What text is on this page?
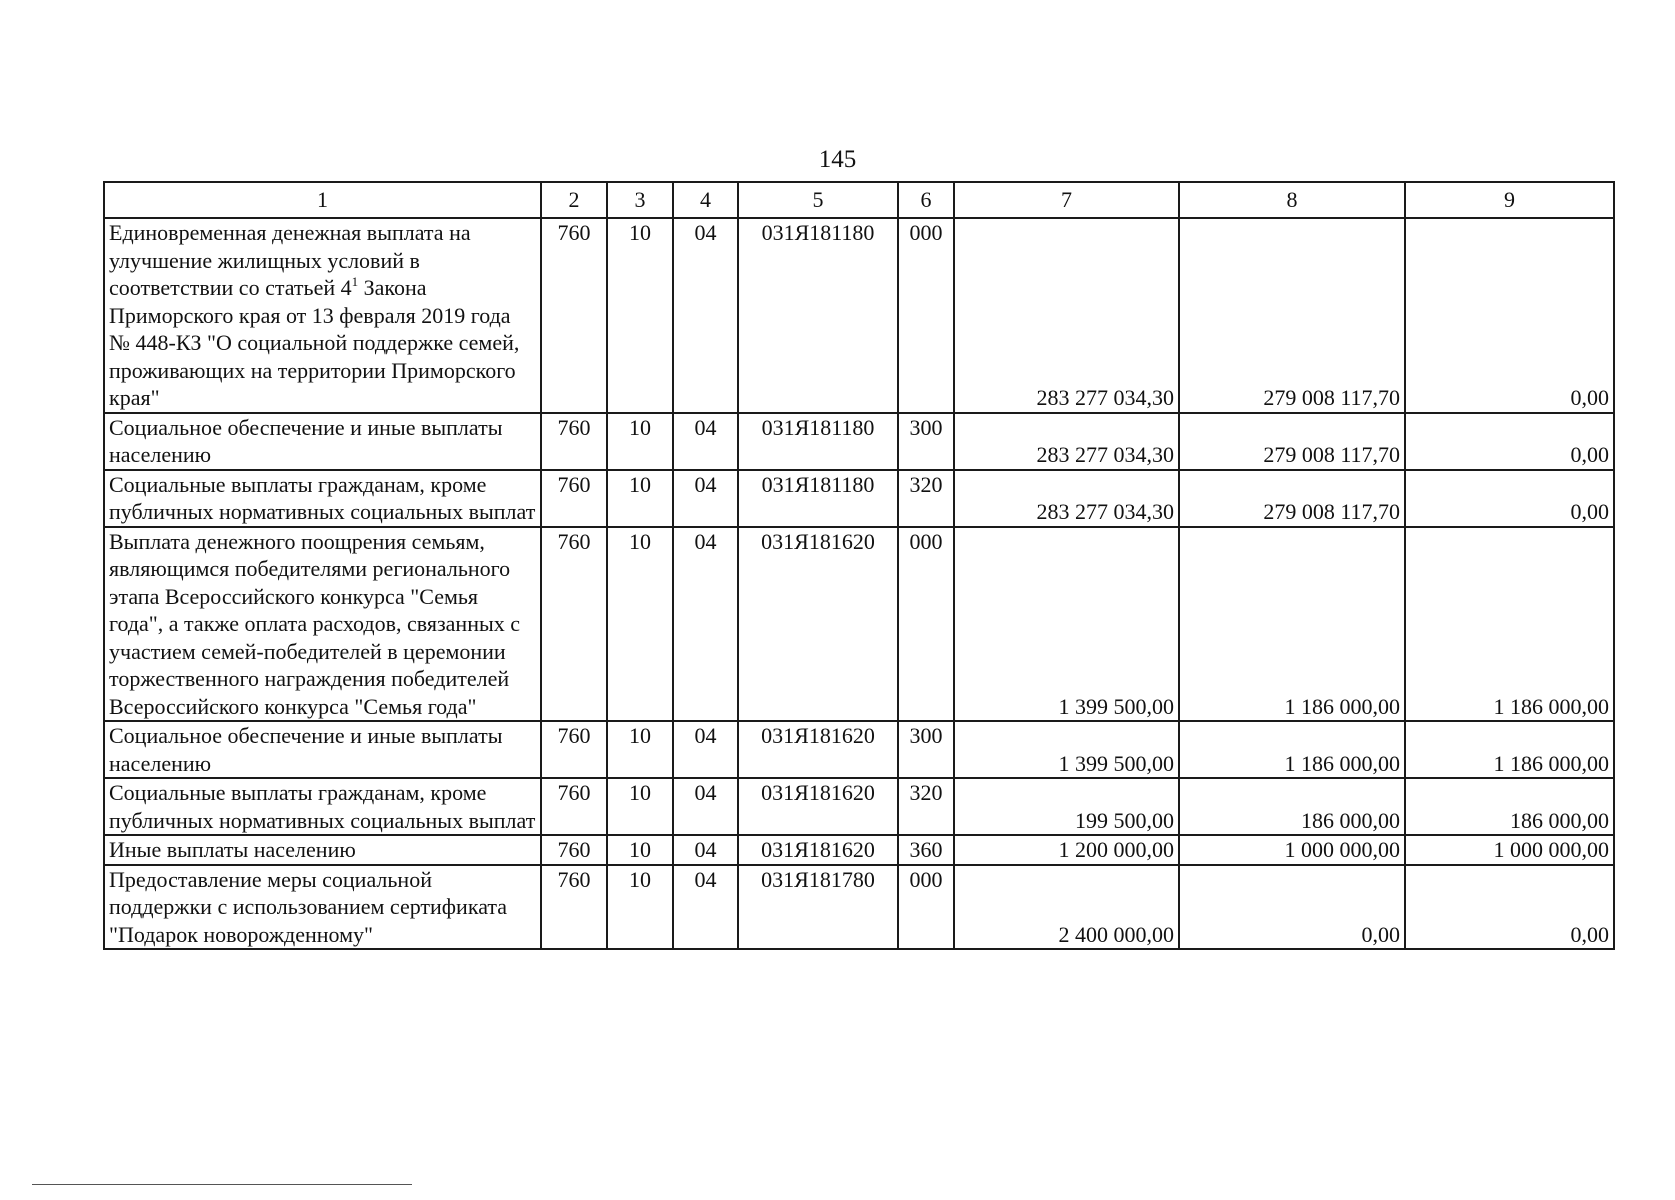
145
1	2	3	4	5	6	7	8	9
Единовременная денежная выплата на улучшение жилищных условий в соответствии со статьей $4^1$ Закона Приморского края от 13 февраля 2019 года № 448-КЗ "О социальной поддержке семей, проживающих на территории Приморского края"	760	10	04	031Я181180	000	283 277 034,30	279 008 117,70	0,00
Социальное обеспечение и иные выплаты населению	760	10	04	031Я181180	300	283 277 034,30	279 008 117,70	0,00
Социальные выплаты гражданам, кроме публичных нормативных социальных выплат	760	10	04	031Я181180	320	283 277 034,30	279 008 117,70	0,00
Выплата денежного поощрения семьям, являющимся победителями регионального этапа Всероссийского конкурса "Семья года", а также оплата расходов, связанных с участием семей-победителей в церемонии торжественного награждения победителей Всероссийского конкурса "Семья года"	760	10	04	031Я181620	000	1 399 500,00	1 186 000,00	1 186 000,00
Социальное обеспечение и иные выплаты населению	760	10	04	031Я181620	300	1 399 500,00	1 186 000,00	1 186 000,00
Социальные выплаты гражданам, кроме публичных нормативных социальных выплат	760	10	04	031Я181620	320	199 500,00	186 000,00	186 000,00
Иные выплаты населению	760	10	04	031Я181620	360	1 200 000,00	1 000 000,00	1 000 000,00
Предоставление меры социальной поддержки с использованием сертификата "Подарок новорожденному"	760	10	04	031Я181780	000	2 400 000,00	0,00	0,00
